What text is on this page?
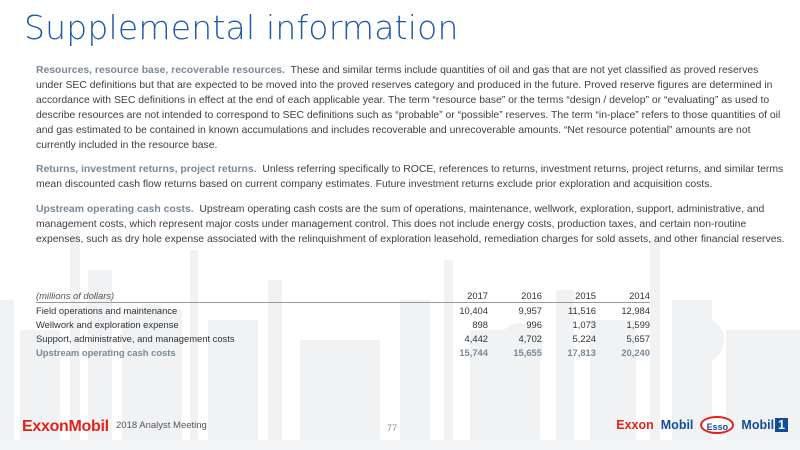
Supplemental information

Resources, resource base, recoverable resources. These and similar terms include quantities of oil and gas that are not yet classified as proved reserves under SEC definitions but that are expected to be moved into the proved reserves category and produced in the future. Proved reserve figures are determined in accordance with SEC definitions in effect at the end of each applicable year. The term “resource base” or the terms “design / develop” or “evaluating” as used to describe resources are not intended to correspond to SEC definitions such as “probable” or “possible” reserves. The term “in-place” refers to those quantities of oil and gas estimated to be contained in known accumulations and includes recoverable and unrecoverable amounts. “Net resource potential” amounts are not currently included in the resource base.

Returns, investment returns, project returns. Unless referring specifically to ROCE, references to returns, investment returns, project returns, and similar terms mean discounted cash flow returns based on current company estimates. Future investment returns exclude prior exploration and acquisition costs.

Upstream operating cash costs. Upstream operating cash costs are the sum of operations, maintenance, wellwork, exploration, support, administrative, and management costs, which represent major costs under management control. This does not include energy costs, production taxes, and certain non-routine expenses, such as dry hole expense associated with the relinquishment of exploration leasehold, remediation charges for sold assets, and other financial reserves.

(millions of dollars)	2017	2016	2015	2014
Field operations and maintenance	10,404	9,957	11,516	12,984
Wellwork and exploration expense	898	996	1,073	1,599
Support, administrative, and management costs	4,442	4,702	5,224	5,657
Upstream operating cash costs	15,744	15,655	17,813	20,240
ExxonMobil 2018 Analyst Meeting	77	Exxon Mobil	Esso	Mobil 1
